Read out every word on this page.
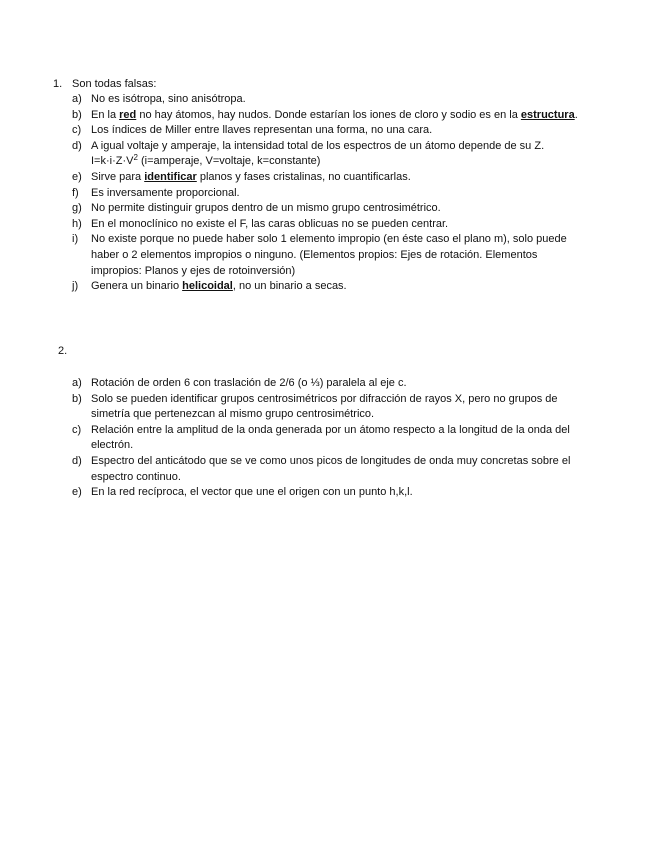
1. Son todas falsas:
a) No es isótropa, sino anisótropa.
b) En la red no hay átomos, hay nudos. Donde estarían los iones de cloro y sodio es en la estructura.
c) Los índices de Miller entre llaves representan una forma, no una cara.
d) A igual voltaje y amperaje, la intensidad total de los espectros de un átomo depende de su Z. $I=k\cdot i\cdot Z\cdot V^2$ (i=amperaje, V=voltaje, k=constante)
e) Sirve para identificar planos y fases cristalinas, no cuantificarlas.
f) Es inversamente proporcional.
g) No permite distinguir grupos dentro de un mismo grupo centrosimétrico.
h) En el monoclínico no existe el F, las caras oblicuas no se pueden centrar.
i) No existe porque no puede haber solo 1 elemento impropio (en éste caso el plano m), solo puede haber o 2 elementos impropios o ninguno. (Elementos propios: Ejes de rotación. Elementos impropios: Planos y ejes de rotoinversión)
j) Genera un binario helicoidal, no un binario a secas.
2.
a) Rotación de orden 6 con traslación de 2/6 (o ⅓) paralela al eje c.
b) Solo se pueden identificar grupos centrosimétricos por difracción de rayos X, pero no grupos de simetría que pertenezcan al mismo grupo centrosimétrico.
c) Relación entre la amplitud de la onda generada por un átomo respecto a la longitud de la onda del electrón.
d) Espectro del anticátodo que se ve como unos picos de longitudes de onda muy concretas sobre el espectro continuo.
e) En la red recíproca, el vector que une el origen con un punto h,k,l.
